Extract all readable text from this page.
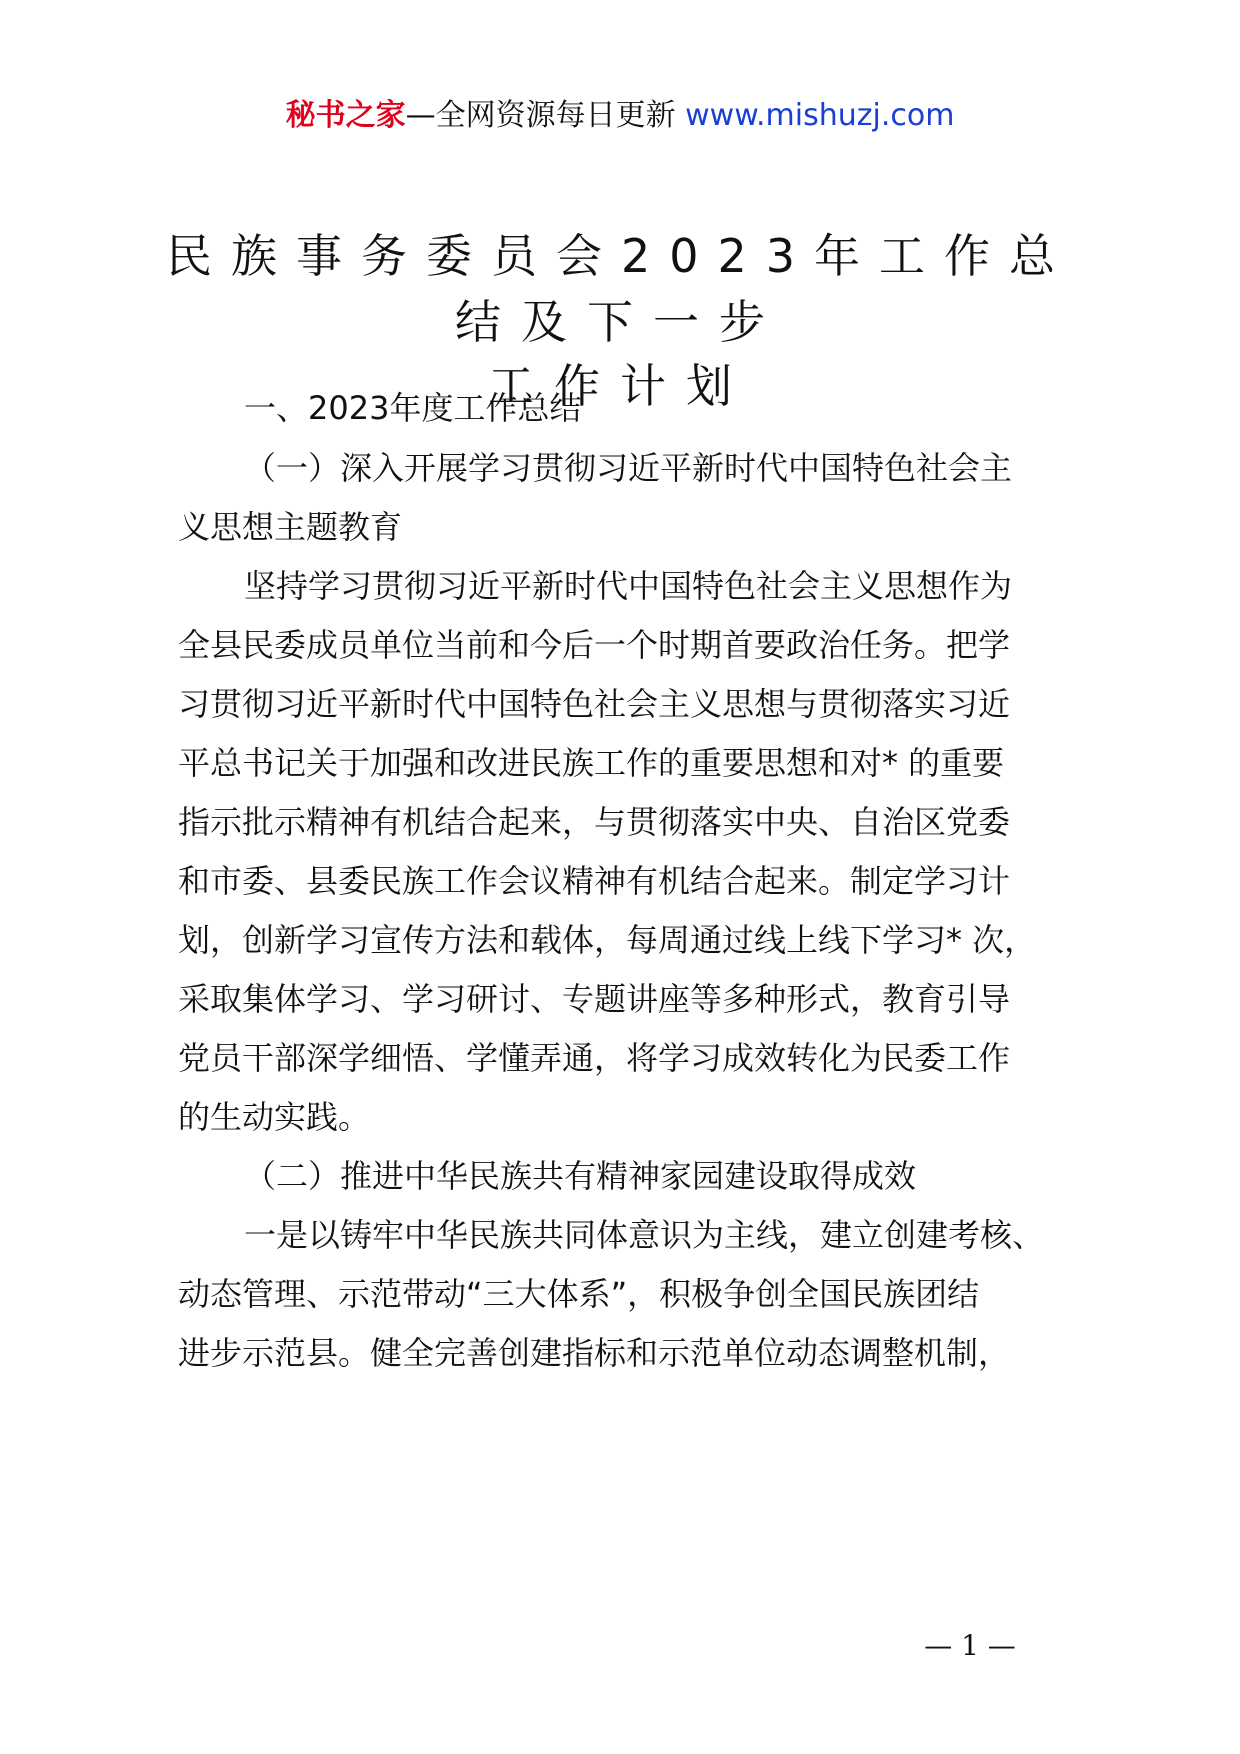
秘书之家—全网资源每日更新 www.mishuzj.com
民族事务委员会2023年工作总
结及下一步
工作计划
一、2023年度工作总结
（一）深入开展学习贯彻习近平新时代中国特色社会主
义思想主题教育
坚持学习贯彻习近平新时代中国特色社会主义思想作为
全县民委成员单位当前和今后一个时期首要政治任务。把学
习贯彻习近平新时代中国特色社会主义思想与贯彻落实习近
平总书记关于加强和改进民族工作的重要思想和对* 的重要
指示批示精神有机结合起来，与贯彻落实中央、自治区党委
和市委、县委民族工作会议精神有机结合起来。制定学习计
划，创新学习宣传方法和载体，每周通过线上线下学习* 次，
采取集体学习、学习研讨、专题讲座等多种形式，教育引导
党员干部深学细悟、学懂弄通，将学习成效转化为民委工作
的生动实践。
（二）推进中华民族共有精神家园建设取得成效
一是以铸牢中华民族共同体意识为主线，建立创建考核、
动态管理、示范带动“三大体系”，积极争创全国民族团结
进步示范县。健全完善创建指标和示范单位动态调整机制，
— 1 —
